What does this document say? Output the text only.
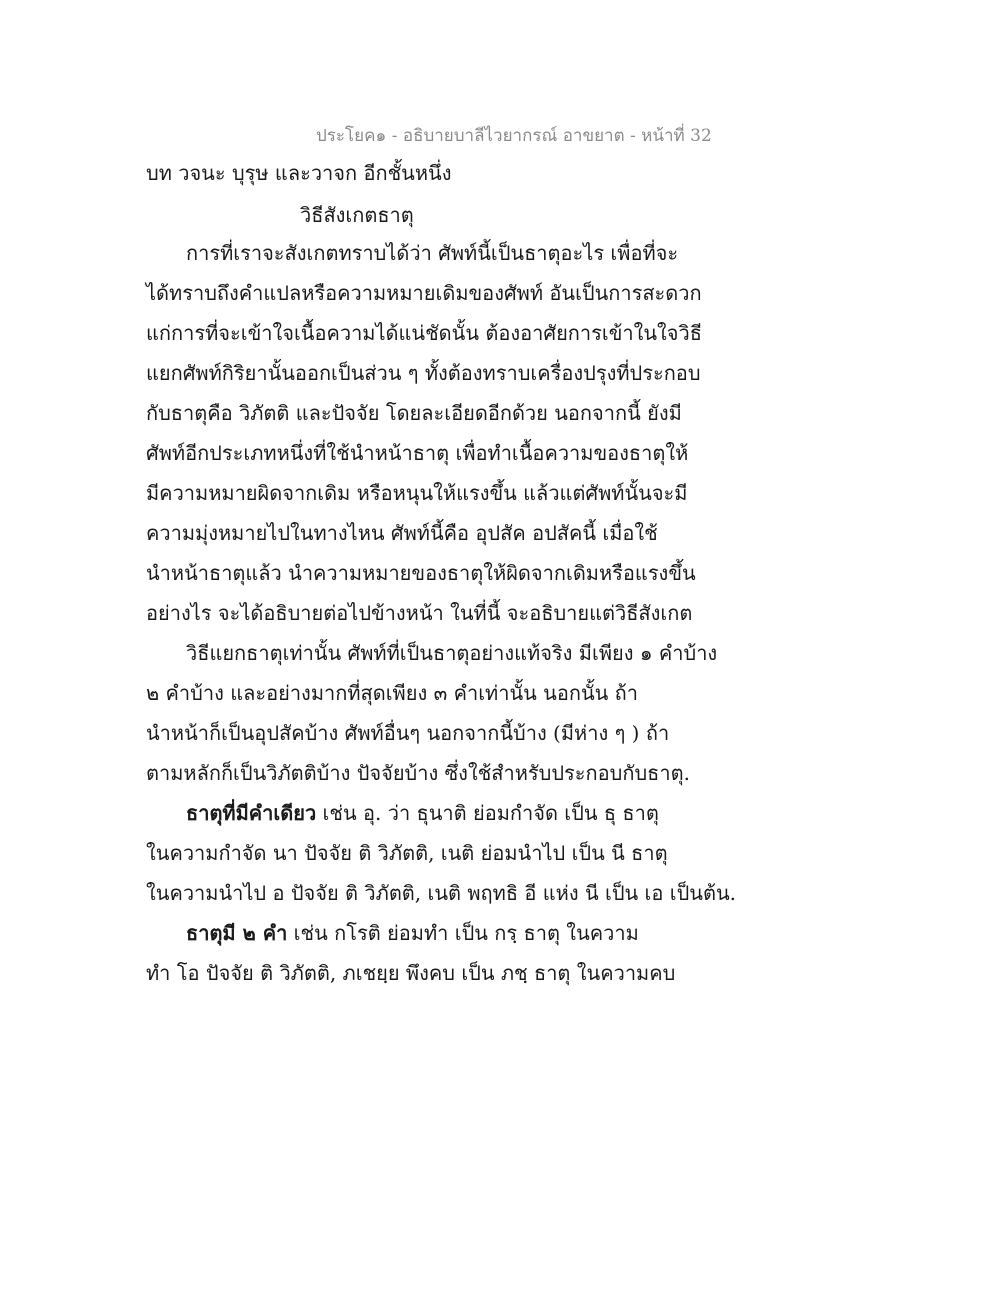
ประโยค๑ - อธิบายบาลีไวยากรณ์ อาขยาต - หน้าที่ 32
บท วจนะ บุรุษ และวาจก อีกชั้นหนึ่ง
วิธีสังเกตธาตุ
การที่เราจะสังเกตทราบได้ว่า ศัพท์นี้เป็นธาตุอะไร เพื่อที่จะ
ได้ทราบถึงคำแปลหรือความหมายเดิมของศัพท์ อันเป็นการสะดวก
แก่การที่จะเข้าใจเนื้อความได้แน่ชัดนั้น ต้องอาศัยการเข้าในใจวิธี
แยกศัพท์กิริยานั้นออกเป็นส่วน ๆ ทั้งต้องทราบเครื่องปรุงที่ประกอบ
กับธาตุคือ วิภัตติ และปัจจัย โดยละเอียดอีกด้วย นอกจากนี้ ยังมี
ศัพท์อีกประเภทหนึ่งที่ใช้นำหน้าธาตุ เพื่อทำเนื้อความของธาตุให้
มีความหมายผิดจากเดิม หรือหนุนให้แรงขึ้น แล้วแต่ศัพท์นั้นจะมี
ความมุ่งหมายไปในทางไหน ศัพท์นี้คือ อุปสัค อปสัคนี้ เมื่อใช้
นำหน้าธาตุแล้ว นำความหมายของธาตุให้ผิดจากเดิมหรือแรงขึ้น
อย่างไร จะได้อธิบายต่อไปข้างหน้า ในที่นี้ จะอธิบายแต่วิธีสังเกต
วิธีแยกธาตุเท่านั้น ศัพท์ที่เป็นธาตุอย่างแท้จริง มีเพียง ๑ คำบ้าง
๒ คำบ้าง และอย่างมากที่สุดเพียง ๓ คำเท่านั้น นอกนั้น ถ้า
นำหน้าก็เป็นอุปสัคบ้าง ศัพท์อื่นๆ นอกจากนี้บ้าง (มีห่าง ๆ ) ถ้า
ตามหลักก็เป็นวิภัตติบ้าง ปัจจัยบ้าง ซึ่งใช้สำหรับประกอบกับธาตุ.
ธาตุที่มีคำเดียว เช่น อุ. ว่า ธุนาติ ย่อมกำจัด เป็น ธุ ธาตุ
ในความกำจัด นา ปัจจัย ติ วิภัตติ, เนติ ย่อมนำไป เป็น นี ธาตุ
ในความนำไป อ ปัจจัย ติ วิภัตติ, เนติ พฤทธิ อี แห่ง นี เป็น เอ เป็นต้น.
ธาตุมี ๒ คำ เช่น กโรติ ย่อมทำ เป็น กรฺ ธาตุ ในความ
ทำ โอ ปัจจัย ติ วิภัตติ, ภเชยฺย พึงคบ เป็น ภชฺ ธาตุ ในความคบ
